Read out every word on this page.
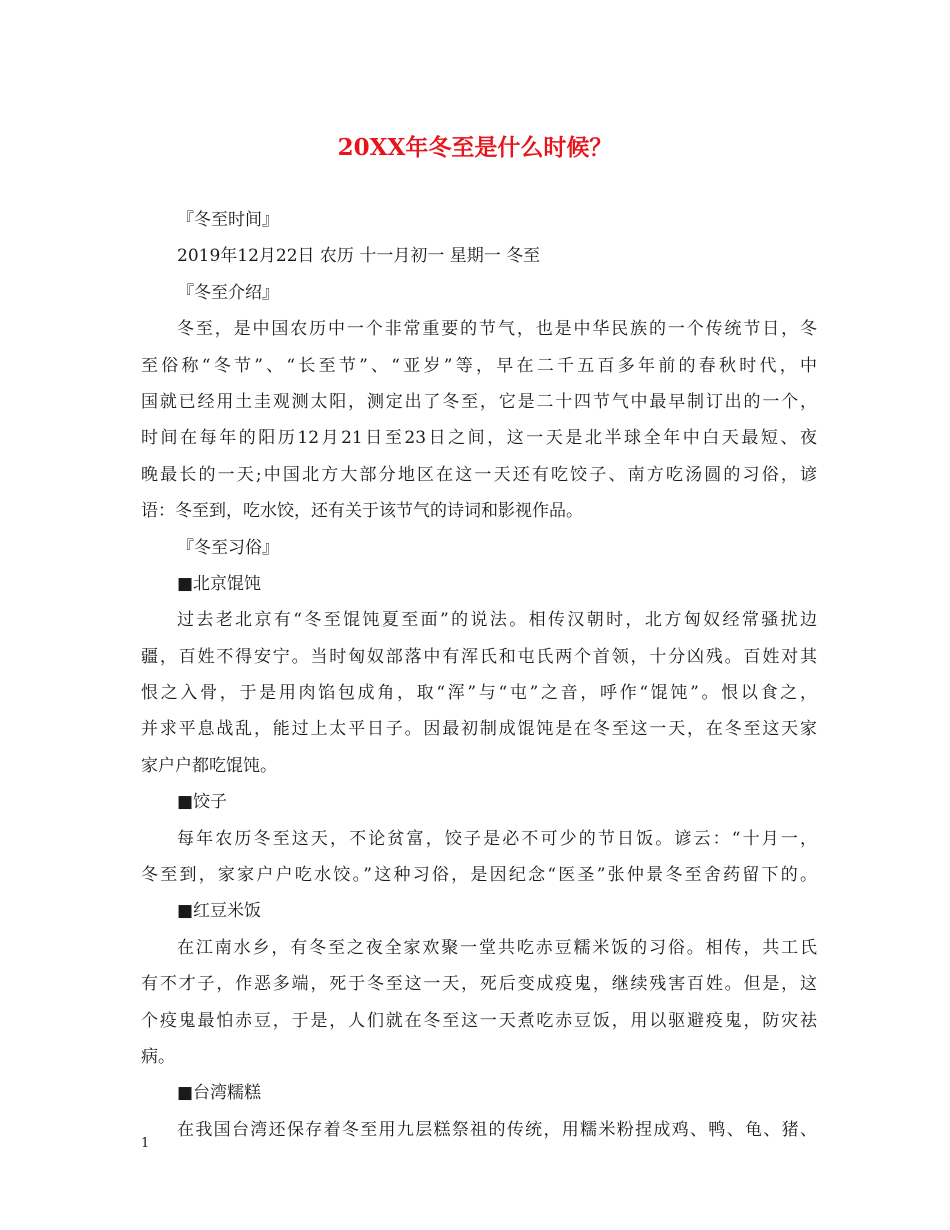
20XX年冬至是什么时候？

『冬至时间』

2019年12月22日 农历 十一月初一 星期一 冬至

『冬至介绍』

冬至，是中国农历中一个非常重要的节气，也是中华民族的一个传统节日，冬

至俗称“冬节”、“长至节”、“亚岁”等，早在二千五百多年前的春秋时代，中

国就已经用土圭观测太阳，测定出了冬至，它是二十四节气中最早制订出的一个，

时间在每年的阳历12月21日至23日之间，这一天是北半球全年中白天最短、夜

晚最长的一天;中国北方大部分地区在这一天还有吃饺子、南方吃汤圆的习俗，谚

语：冬至到，吃水饺，还有关于该节气的诗词和影视作品。

『冬至习俗』

■北京馄饨

过去老北京有“冬至馄饨夏至面”的说法。相传汉朝时，北方匈奴经常骚扰边

疆，百姓不得安宁。当时匈奴部落中有浑氏和屯氏两个首领，十分凶残。百姓对其

恨之入骨，于是用肉馅包成角，取“浑”与“屯”之音，呼作“馄饨”。恨以食之，

并求平息战乱，能过上太平日子。因最初制成馄饨是在冬至这一天，在冬至这天家

家户户都吃馄饨。

■饺子

每年农历冬至这天，不论贫富，饺子是必不可少的节日饭。谚云：“十月一，

冬至到，家家户户吃水饺。”这种习俗，是因纪念“医圣”张仲景冬至舍药留下的。

■红豆米饭

在江南水乡，有冬至之夜全家欢聚一堂共吃赤豆糯米饭的习俗。相传，共工氏

有不才子，作恶多端，死于冬至这一天，死后变成疫鬼，继续残害百姓。但是，这

个疫鬼最怕赤豆，于是，人们就在冬至这一天煮吃赤豆饭，用以驱避疫鬼，防灾祛

病。

■台湾糯糕

在我国台湾还保存着冬至用九层糕祭祖的传统，用糯米粉捏成鸡、鸭、龟、猪、

1
